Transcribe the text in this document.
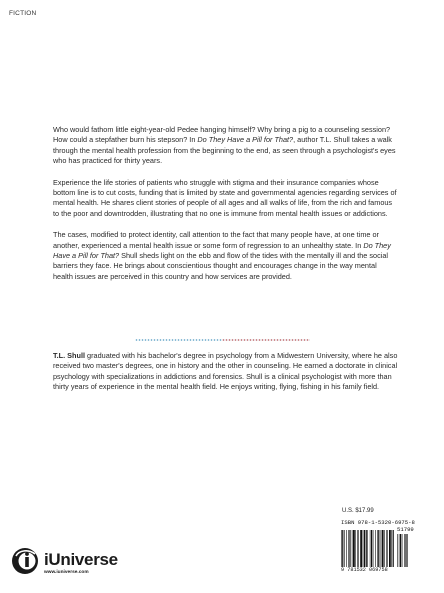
FICTION

Who would fathom little eight-year-old Pedee hanging himself? Why bring a pig to a counseling session? How could a stepfather burn his stepson? In Do They Have a Pill for That?, author T.L. Shull takes a walk through the mental health profession from the beginning to the end, as seen through a psychologist's eyes who has practiced for thirty years.

Experience the life stories of patients who struggle with stigma and their insurance companies whose bottom line is to cut costs, funding that is limited by state and governmental agencies regarding services of mental health. He shares client stories of people of all ages and all walks of life, from the rich and famous to the poor and downtrodden, illustrating that no one is immune from mental health issues or addictions.

The cases, modified to protect identity, call attention to the fact that many people have, at one time or another, experienced a mental health issue or some form of regression to an unhealthy state. In Do They Have a Pill for That? Shull sheds light on the ebb and flow of the tides with the mentally ill and the social barriers they face. He brings about conscientious thought and encourages change in the way mental health issues are perceived in this country and how services are provided.

T.L. Shull graduated with his bachelor's degree in psychology from a Midwestern University, where he also received two master's degrees, one in history and the other in counseling. He earned a doctorate in clinical psychology with specializations in addictions and forensics. Shull is a clinical psychologist with more than thirty years of experience in the mental health field. He enjoys writing, flying, fishing in his family field.
iUniverse
www.iuniverse.com
U.S. $17.99
ISBN 978-1-5320-6975-8
51799
9 781532 069758
